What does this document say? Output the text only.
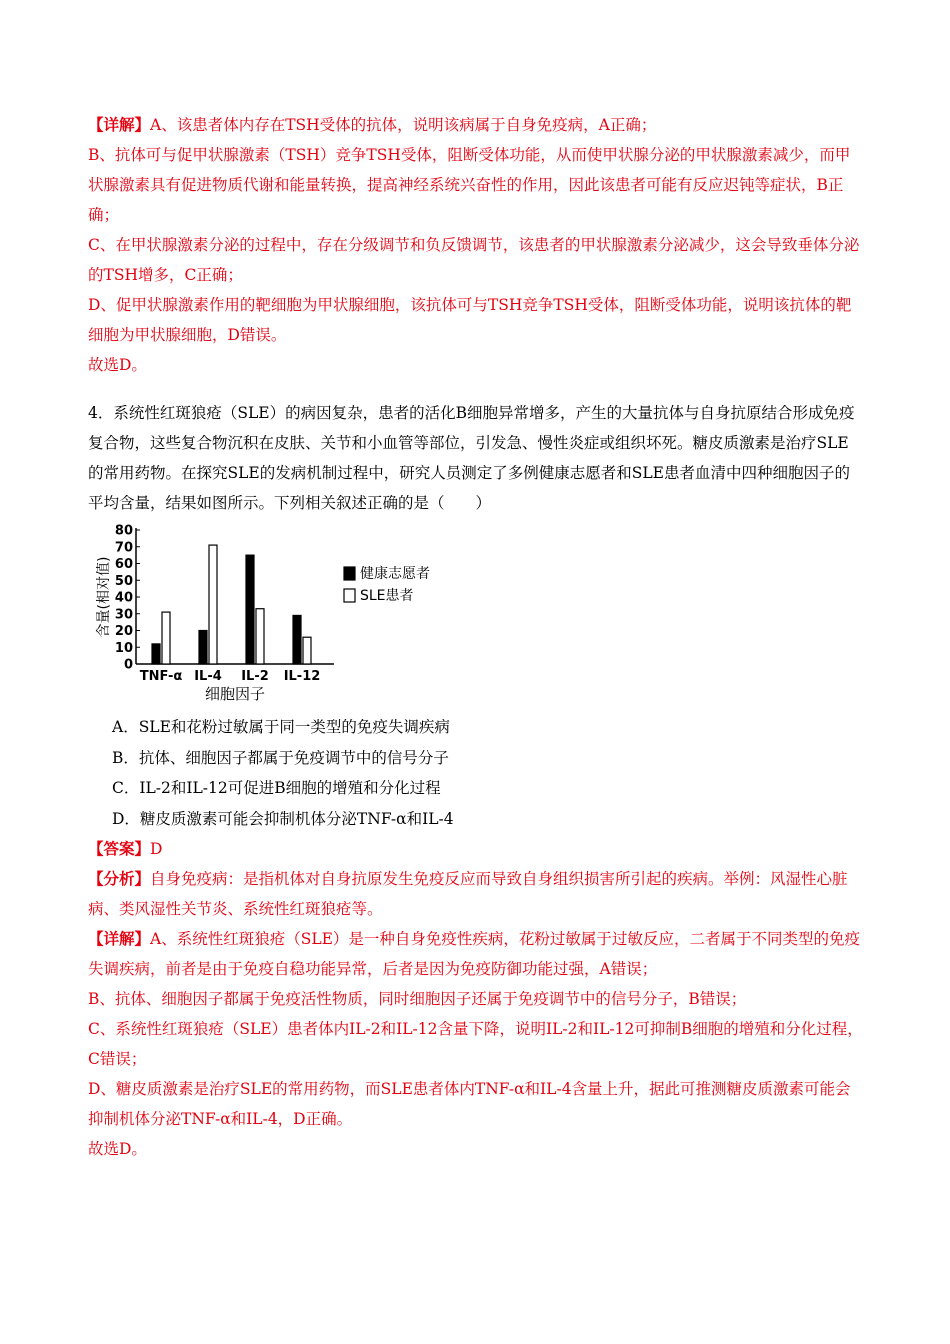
【详解】A、该患者体内存在TSH受体的抗体，说明该病属于自身免疫病，A正确；

B、抗体可与促甲状腺激素（TSH）竞争TSH受体，阻断受体功能，从而使甲状腺分泌的甲状腺激素减少，而甲状腺激素具有促进物质代谢和能量转换，提高神经系统兴奋性的作用，因此该患者可能有反应迟钝等症状，B正确；

C、在甲状腺激素分泌的过程中，存在分级调节和负反馈调节，该患者的甲状腺激素分泌减少，这会导致垂体分泌的TSH增多，C正确；

D、促甲状腺激素作用的靶细胞为甲状腺细胞，该抗体可与TSH竞争TSH受体，阻断受体功能，说明该抗体的靶细胞为甲状腺细胞，D错误。

故选D。

4．系统性红斑狼疮（SLE）的病因复杂，患者的活化B细胞异常增多，产生的大量抗体与自身抗原结合形成免疫复合物，这些复合物沉积在皮肤、关节和小血管等部位，引发急、慢性炎症或组织坏死。糖皮质激素是治疗SLE的常用药物。在探究SLE的发病机制过程中，研究人员测定了多例健康志愿者和SLE患者血清中四种细胞因子的平均含量，结果如图所示。下列相关叙述正确的是（　　）

0
10
20
30
40
50
60
70
80
含量(相对值)
TNF-α IL-4 IL-2 IL-12
细胞因子
健康志愿者
SLE患者

A．SLE和花粉过敏属于同一类型的免疫失调疾病

B．抗体、细胞因子都属于免疫调节中的信号分子

C．IL-2和IL-12可促进B细胞的增殖和分化过程

D．糖皮质激素可能会抑制机体分泌TNF-α和IL-4

【答案】D

【分析】自身免疫病：是指机体对自身抗原发生免疫反应而导致自身组织损害所引起的疾病。举例：风湿性心脏病、类风湿性关节炎、系统性红斑狼疮等。

【详解】A、系统性红斑狼疮（SLE）是一种自身免疫性疾病，花粉过敏属于过敏反应，二者属于不同类型的免疫失调疾病，前者是由于免疫自稳功能异常，后者是因为免疫防御功能过强，A错误；

B、抗体、细胞因子都属于免疫活性物质，同时细胞因子还属于免疫调节中的信号分子，B错误；

C、系统性红斑狼疮（SLE）患者体内IL-2和IL-12含量下降，说明IL-2和IL-12可抑制B细胞的增殖和分化过程，C错误；

D、糖皮质激素是治疗SLE的常用药物，而SLE患者体内TNF-α和IL-4含量上升，据此可推测糖皮质激素可能会抑制机体分泌TNF-α和IL-4，D正确。

故选D。
